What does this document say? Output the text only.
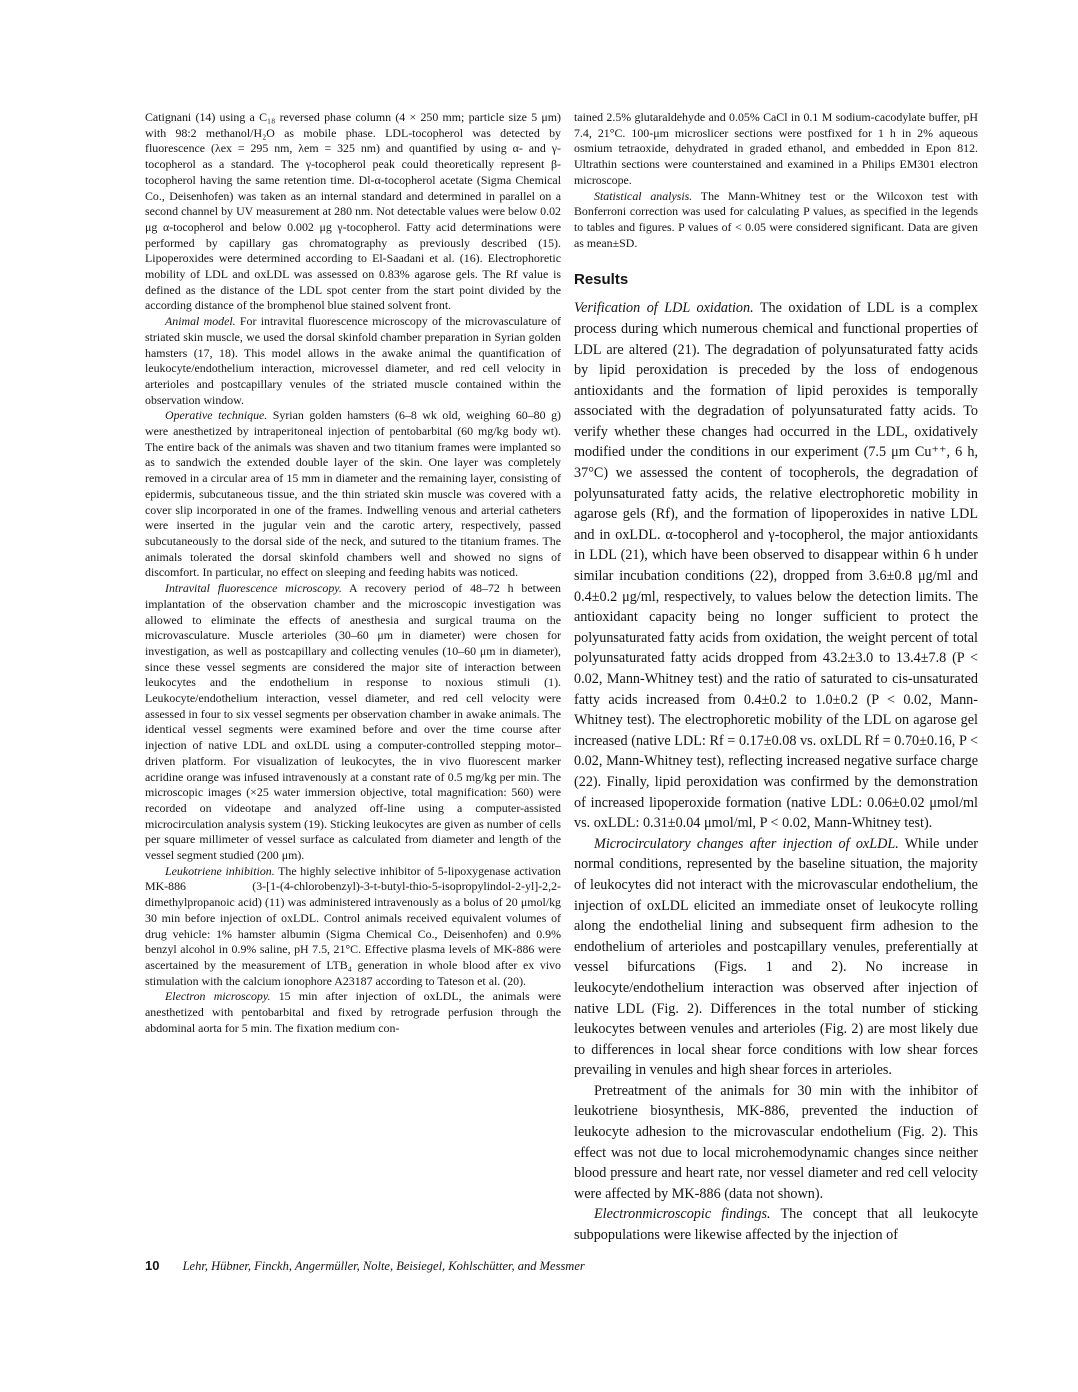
Catignani (14) using a C₁₈ reversed phase column (4 × 250 mm; particle size 5 μm) with 98:2 methanol/H₂O as mobile phase. LDL-tocopherol was detected by fluorescence (λex = 295 nm, λem = 325 nm) and quantified by using α- and γ-tocopherol as a standard. The γ-tocopherol peak could theoretically represent β-tocopherol having the same retention time. Dl-α-tocopherol acetate (Sigma Chemical Co., Deisenhofen) was taken as an internal standard and determined in parallel on a second channel by UV measurement at 280 nm. Not detectable values were below 0.02 μg α-tocopherol and below 0.002 μg γ-tocopherol. Fatty acid determinations were performed by capillary gas chromatography as previously described (15). Lipoperoxides were determined according to El-Saadani et al. (16). Electrophoretic mobility of LDL and oxLDL was assessed on 0.83% agarose gels. The Rf value is defined as the distance of the LDL spot center from the start point divided by the according distance of the bromphenol blue stained solvent front.

Animal model. For intravital fluorescence microscopy of the microvasculature of striated skin muscle, we used the dorsal skinfold chamber preparation in Syrian golden hamsters (17, 18). This model allows in the awake animal the quantification of leukocyte/endothelium interaction, microvessel diameter, and red cell velocity in arterioles and postcapillary venules of the striated muscle contained within the observation window.

Operative technique. Syrian golden hamsters (6–8 wk old, weighing 60–80 g) were anesthetized by intraperitoneal injection of pentobarbital (60 mg/kg body wt). The entire back of the animals was shaven and two titanium frames were implanted so as to sandwich the extended double layer of the skin. One layer was completely removed in a circular area of 15 mm in diameter and the remaining layer, consisting of epidermis, subcutaneous tissue, and the thin striated skin muscle was covered with a cover slip incorporated in one of the frames. Indwelling venous and arterial catheters were inserted in the jugular vein and the carotic artery, respectively, passed subcutaneously to the dorsal side of the neck, and sutured to the titanium frames. The animals tolerated the dorsal skinfold chambers well and showed no signs of discomfort. In particular, no effect on sleeping and feeding habits was noticed.

Intravital fluorescence microscopy. A recovery period of 48–72 h between implantation of the observation chamber and the microscopic investigation was allowed to eliminate the effects of anesthesia and surgical trauma on the microvasculature. Muscle arterioles (30–60 μm in diameter) were chosen for investigation, as well as postcapillary and collecting venules (10–60 μm in diameter), since these vessel segments are considered the major site of interaction between leukocytes and the endothelium in response to noxious stimuli (1). Leukocyte/endothelium interaction, vessel diameter, and red cell velocity were assessed in four to six vessel segments per observation chamber in awake animals. The identical vessel segments were examined before and over the time course after injection of native LDL and oxLDL using a computer-controlled stepping motor–driven platform. For visualization of leukocytes, the in vivo fluorescent marker acridine orange was infused intravenously at a constant rate of 0.5 mg/kg per min. The microscopic images (×25 water immersion objective, total magnification: 560) were recorded on videotape and analyzed off-line using a computer-assisted microcirculation analysis system (19). Sticking leukocytes are given as number of cells per square millimeter of vessel surface as calculated from diameter and length of the vessel segment studied (200 μm).

Leukotriene inhibition. The highly selective inhibitor of 5-lipoxygenase activation MK-886 (3-[1-(4-chlorobenzyl)-3-t-butyl-thio-5-isopropylindol-2-yl]-2,2-dimethylpropanoic acid) (11) was administered intravenously as a bolus of 20 μmol/kg 30 min before injection of oxLDL. Control animals received equivalent volumes of drug vehicle: 1% hamster albumin (Sigma Chemical Co., Deisenhofen) and 0.9% benzyl alcohol in 0.9% saline, pH 7.5, 21°C. Effective plasma levels of MK-886 were ascertained by the measurement of LTB₄ generation in whole blood after ex vivo stimulation with the calcium ionophore A23187 according to Tateson et al. (20).

Electron microscopy. 15 min after injection of oxLDL, the animals were anesthetized with pentobarbital and fixed by retrograde perfusion through the abdominal aorta for 5 min. The fixation medium con-

tained 2.5% glutaraldehyde and 0.05% CaCl in 0.1 M sodium-cacodylate buffer, pH 7.4, 21°C. 100-μm microslicer sections were postfixed for 1 h in 2% aqueous osmium tetraoxide, dehydrated in graded ethanol, and embedded in Epon 812. Ultrathin sections were counterstained and examined in a Philips EM301 electron microscope.

Statistical analysis. The Mann-Whitney test or the Wilcoxon test with Bonferroni correction was used for calculating P values, as specified in the legends to tables and figures. P values of < 0.05 were considered significant. Data are given as mean±SD.

Results

Verification of LDL oxidation. The oxidation of LDL is a complex process during which numerous chemical and functional properties of LDL are altered (21). The degradation of polyunsaturated fatty acids by lipid peroxidation is preceded by the loss of endogenous antioxidants and the formation of lipid peroxides is temporally associated with the degradation of polyunsaturated fatty acids. To verify whether these changes had occurred in the LDL, oxidatively modified under the conditions in our experiment (7.5 μm Cu⁺⁺, 6 h, 37°C) we assessed the content of tocopherols, the degradation of polyunsaturated fatty acids, the relative electrophoretic mobility in agarose gels (Rf), and the formation of lipoperoxides in native LDL and in oxLDL. α-tocopherol and γ-tocopherol, the major antioxidants in LDL (21), which have been observed to disappear within 6 h under similar incubation conditions (22), dropped from 3.6±0.8 μg/ml and 0.4±0.2 μg/ml, respectively, to values below the detection limits. The antioxidant capacity being no longer sufficient to protect the polyunsaturated fatty acids from oxidation, the weight percent of total polyunsaturated fatty acids dropped from 43.2±3.0 to 13.4±7.8 (P < 0.02, Mann-Whitney test) and the ratio of saturated to cis-unsaturated fatty acids increased from 0.4±0.2 to 1.0±0.2 (P < 0.02, Mann-Whitney test). The electrophoretic mobility of the LDL on agarose gel increased (native LDL: Rf = 0.17±0.08 vs. oxLDL Rf = 0.70±0.16, P < 0.02, Mann-Whitney test), reflecting increased negative surface charge (22). Finally, lipid peroxidation was confirmed by the demonstration of increased lipoperoxide formation (native LDL: 0.06±0.02 μmol/ml vs. oxLDL: 0.31±0.04 μmol/ml, P < 0.02, Mann-Whitney test).

Microcirculatory changes after injection of oxLDL. While under normal conditions, represented by the baseline situation, the majority of leukocytes did not interact with the microvascular endothelium, the injection of oxLDL elicited an immediate onset of leukocyte rolling along the endothelial lining and subsequent firm adhesion to the endothelium of arterioles and postcapillary venules, preferentially at vessel bifurcations (Figs. 1 and 2). No increase in leukocyte/endothelium interaction was observed after injection of native LDL (Fig. 2). Differences in the total number of sticking leukocytes between venules and arterioles (Fig. 2) are most likely due to differences in local shear force conditions with low shear forces prevailing in venules and high shear forces in arterioles.

Pretreatment of the animals for 30 min with the inhibitor of leukotriene biosynthesis, MK-886, prevented the induction of leukocyte adhesion to the microvascular endothelium (Fig. 2). This effect was not due to local microhemodynamic changes since neither blood pressure and heart rate, nor vessel diameter and red cell velocity were affected by MK-886 (data not shown).

Electronmicroscopic findings. The concept that all leukocyte subpopulations were likewise affected by the injection of

10 Lehr, Hübner, Finckh, Angermüller, Nolte, Beisiegel, Kohlschütter, and Messmer
